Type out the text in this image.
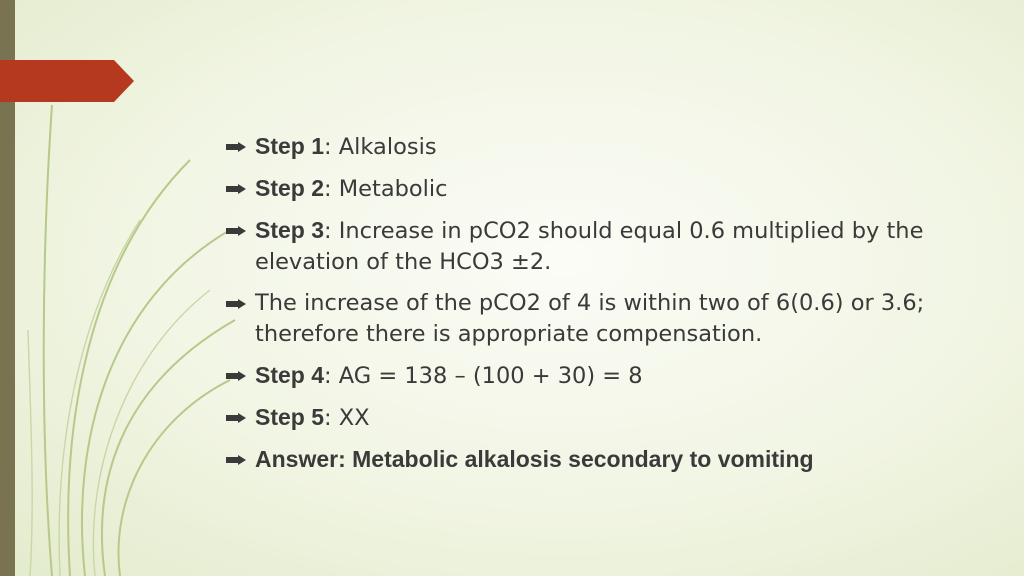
Step 1: Alkalosis
Step 2: Metabolic
Step 3: Increase in pCO2 should equal 0.6 multiplied by the elevation of the HCO3 ±2.
The increase of the pCO2 of 4 is within two of 6(0.6) or 3.6; therefore there is appropriate compensation.
Step 4: AG = 138 – (100 + 30) = 8
Step 5: XX
Answer: Metabolic alkalosis secondary to vomiting
